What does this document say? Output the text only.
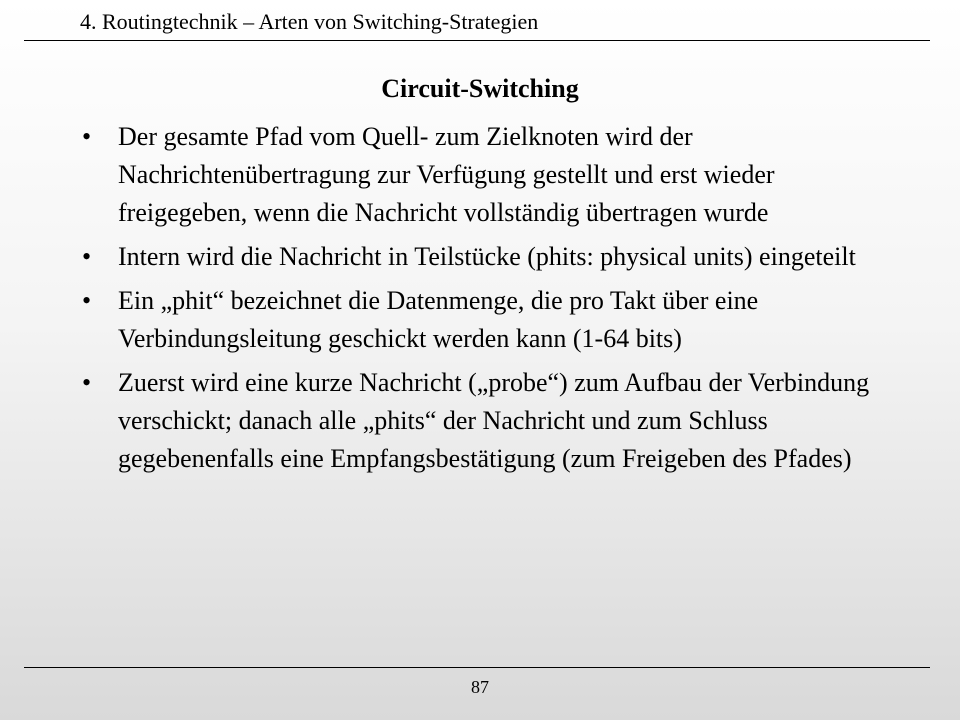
4. Routingtechnik – Arten von Switching-Strategien
Circuit-Switching
• Der gesamte Pfad vom Quell- zum Zielknoten wird der Nachrichtenübertragung zur Verfügung gestellt und erst wieder freigegeben, wenn die Nachricht vollständig übertragen wurde
• Intern wird die Nachricht in Teilstücke (phits: physical units) eingeteilt
• Ein „phit“ bezeichnet die Datenmenge, die pro Takt über eine Verbindungsleitung geschickt werden kann (1-64 bits)
• Zuerst wird eine kurze Nachricht („probe“) zum Aufbau der Verbindung verschickt; danach alle „phits“ der Nachricht und zum Schluss gegebenenfalls eine Empfangsbestätigung (zum Freigeben des Pfades)
87
